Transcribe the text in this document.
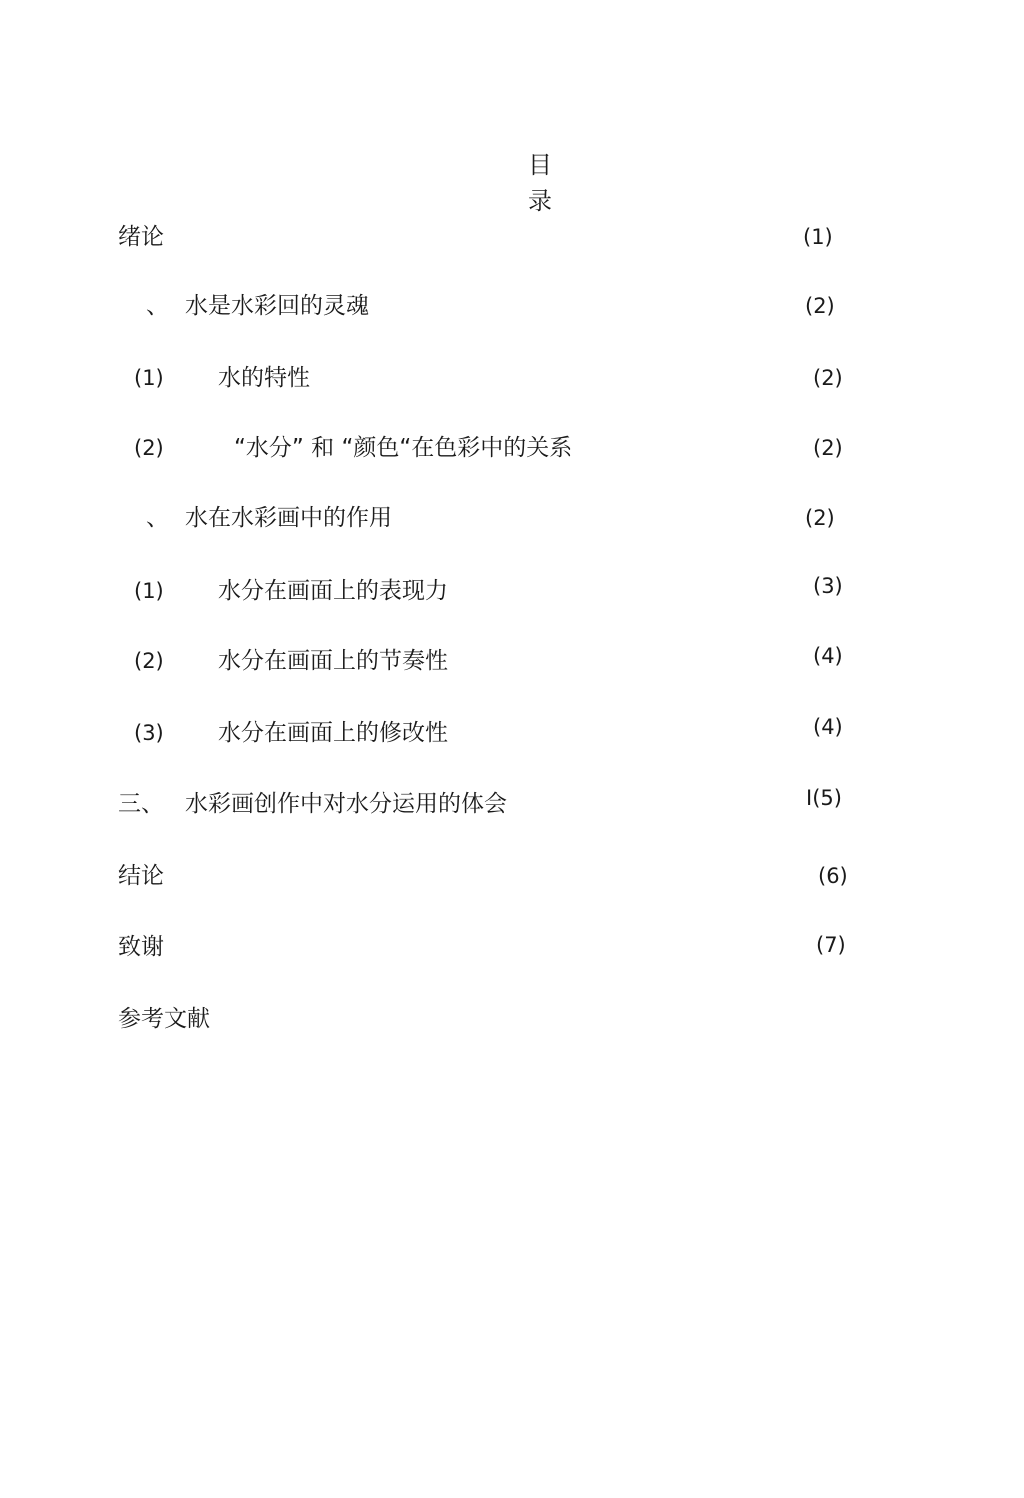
目
录
绪论	(1)
、 水是水彩回的灵魂	(2)
(1) 水的特性	(2)
(2)	“水分” 和 “颜色“在色彩中的关系	(2)
、 水在水彩画中的作用	(2)
(1) 水分在画面上的表现力	(3)
(2) 水分在画面上的节奏性	(4)
(3) 水分在画面上的修改性	(4)
三、 水彩画创作中对水分运用的体会	I(5)
结论	(6)
致谢	(7)
参考文献
